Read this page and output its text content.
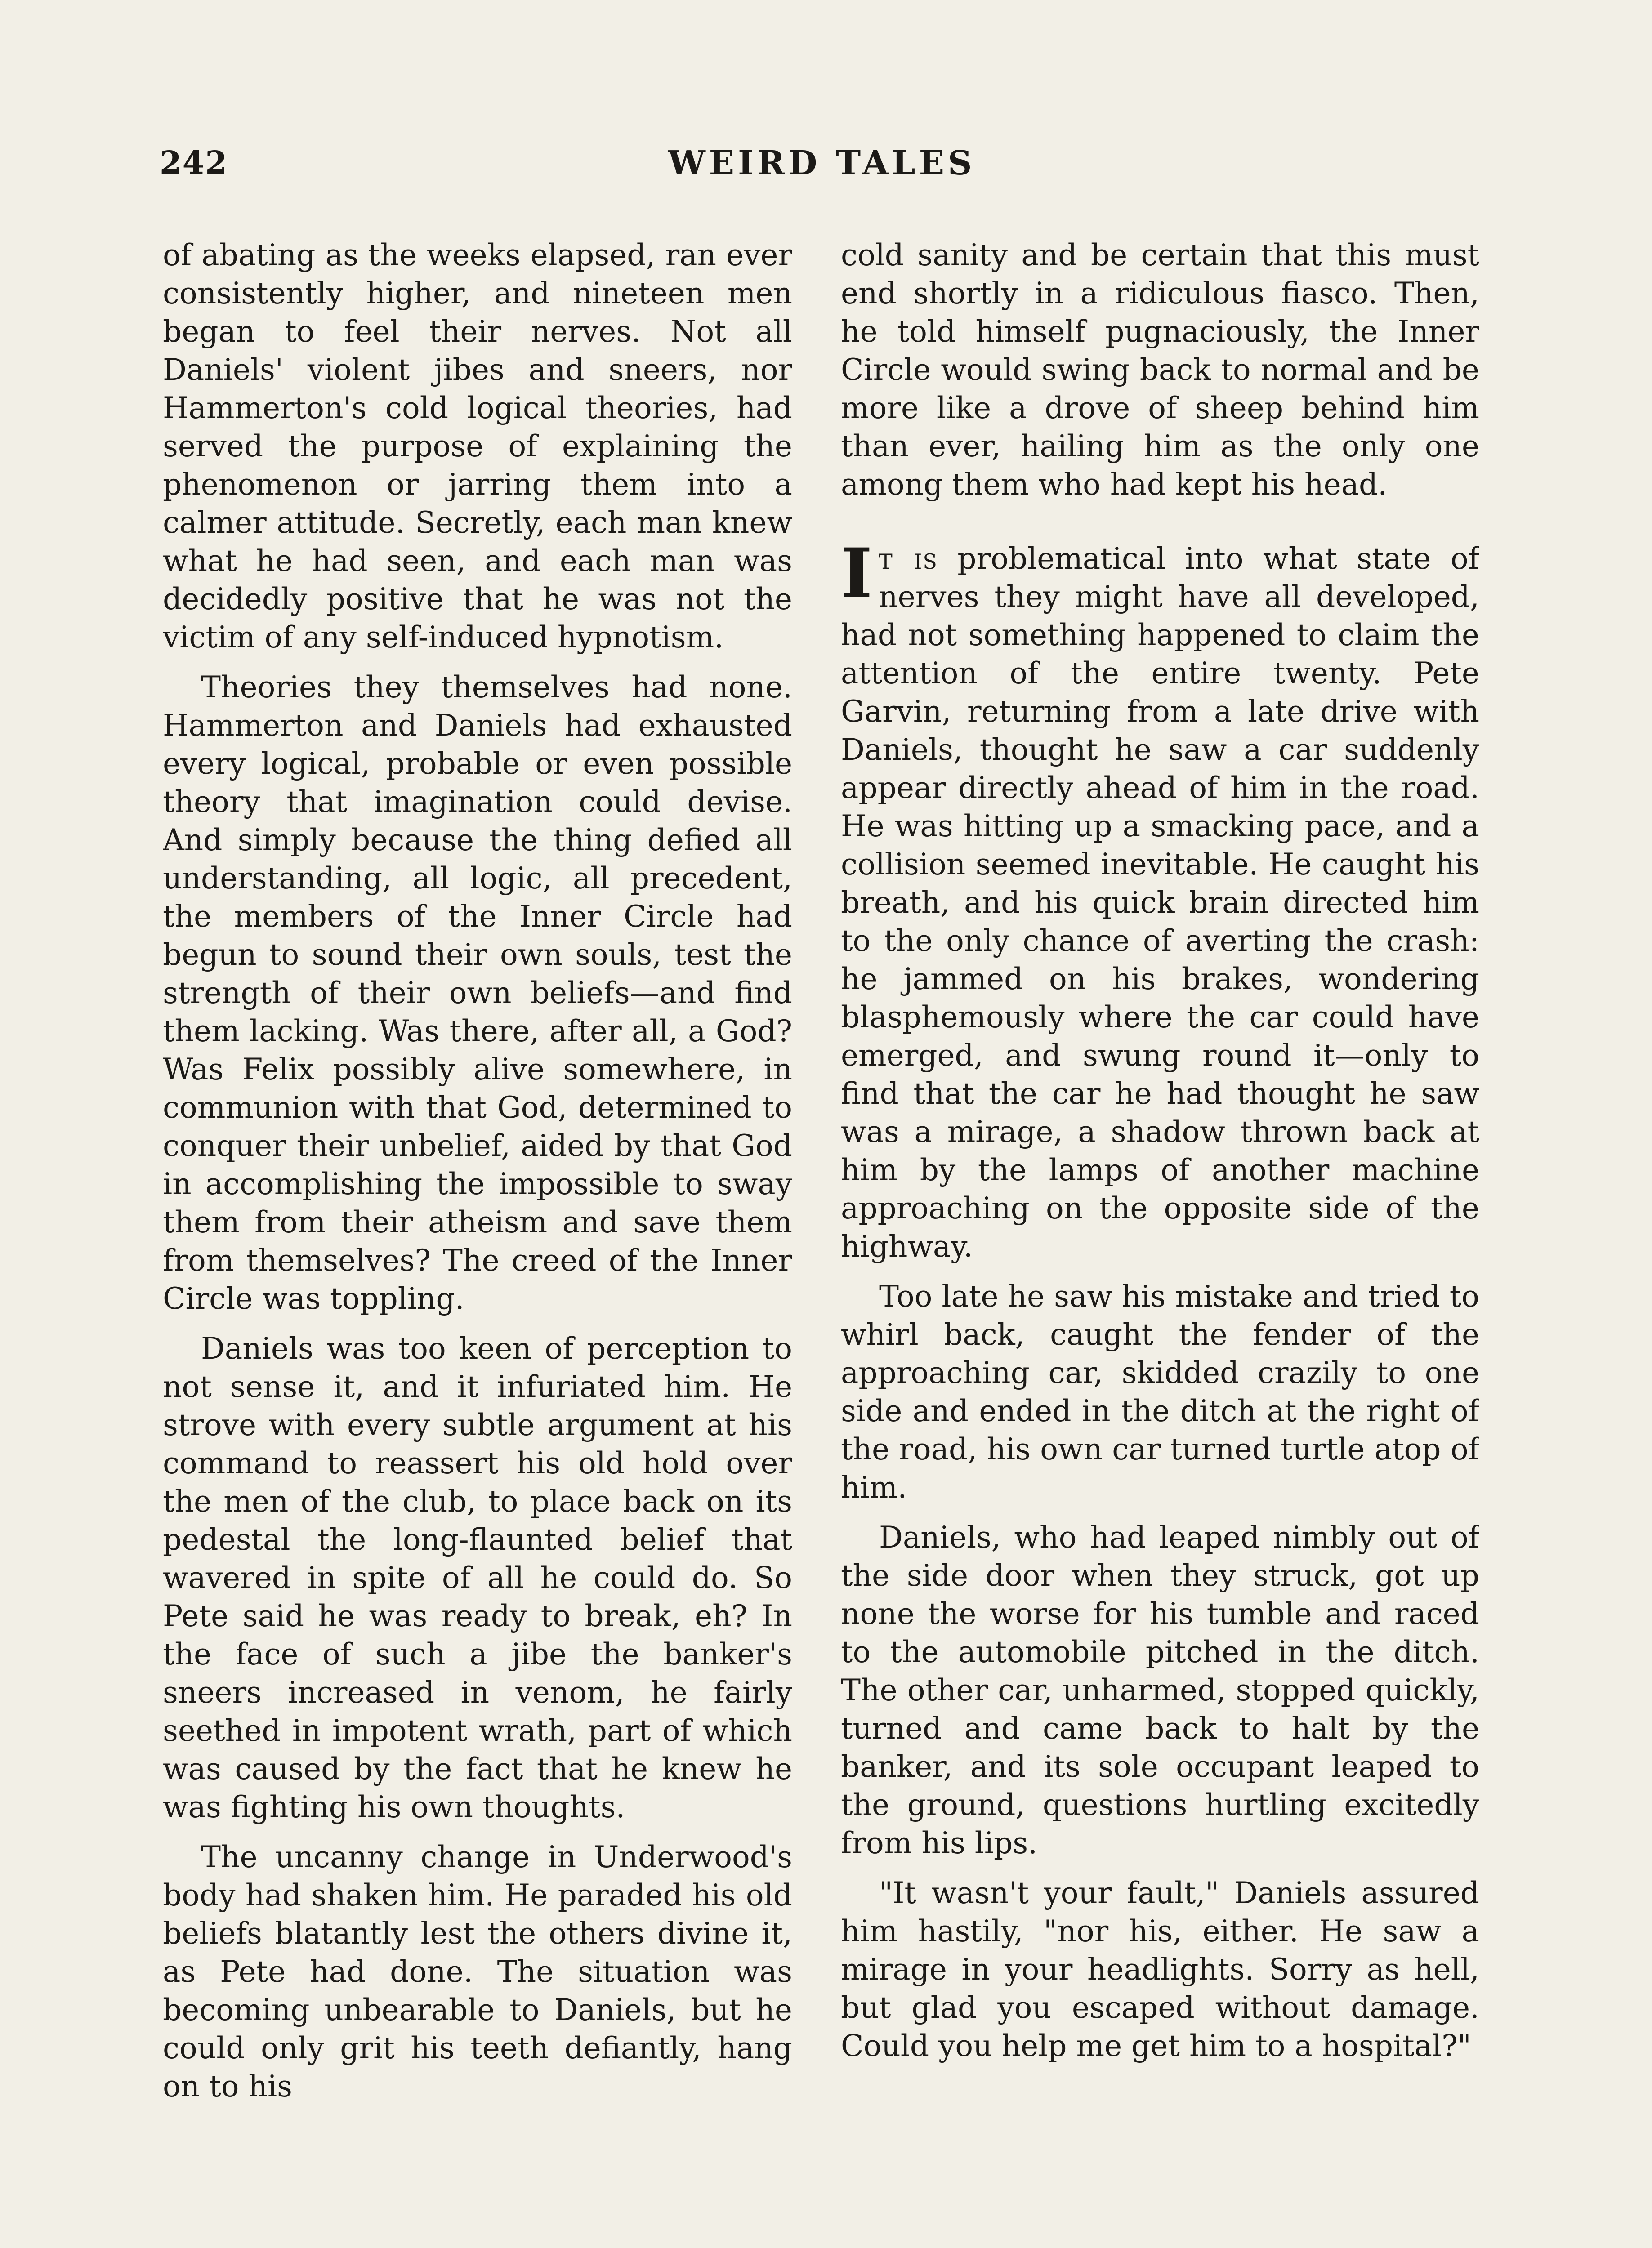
242	WEIRD TALES

of abating as the weeks elapsed, ran ever consistently higher, and nineteen men began to feel their nerves. Not all Daniels' violent jibes and sneers, nor Hammerton's cold logical theories, had served the purpose of explaining the phenomenon or jarring them into a calmer attitude. Secretly, each man knew what he had seen, and each man was decidedly positive that he was not the victim of any self-induced hypnotism.

Theories they themselves had none. Hammerton and Daniels had exhausted every logical, probable or even possible theory that imagination could devise. And simply because the thing defied all understanding, all logic, all precedent, the members of the Inner Circle had begun to sound their own souls, test the strength of their own beliefs—and find them lacking. Was there, after all, a God? Was Felix possibly alive somewhere, in communion with that God, determined to conquer their unbelief, aided by that God in accomplishing the impossible to sway them from their atheism and save them from themselves? The creed of the Inner Circle was toppling.

Daniels was too keen of perception to not sense it, and it infuriated him. He strove with every subtle argument at his command to reassert his old hold over the men of the club, to place back on its pedestal the long-flaunted belief that wavered in spite of all he could do. So Pete said he was ready to break, eh? In the face of such a jibe the banker's sneers increased in venom, he fairly seethed in impotent wrath, part of which was caused by the fact that he knew he was fighting his own thoughts.

The uncanny change in Underwood's body had shaken him. He paraded his old beliefs blatantly lest the others divine it, as Pete had done. The situation was becoming unbearable to Daniels, but he could only grit his teeth defiantly, hang on to his

cold sanity and be certain that this must end shortly in a ridiculous fiasco. Then, he told himself pugnaciously, the Inner Circle would swing back to normal and be more like a drove of sheep behind him than ever, hailing him as the only one among them who had kept his head.

It is problematical into what state of nerves they might have all developed, had not something happened to claim the attention of the entire twenty. Pete Garvin, returning from a late drive with Daniels, thought he saw a car suddenly appear directly ahead of him in the road. He was hitting up a smacking pace, and a collision seemed inevitable. He caught his breath, and his quick brain directed him to the only chance of averting the crash: he jammed on his brakes, wondering blasphemously where the car could have emerged, and swung round it—only to find that the car he had thought he saw was a mirage, a shadow thrown back at him by the lamps of another machine approaching on the opposite side of the highway.

Too late he saw his mistake and tried to whirl back, caught the fender of the approaching car, skidded crazily to one side and ended in the ditch at the right of the road, his own car turned turtle atop of him.

Daniels, who had leaped nimbly out of the side door when they struck, got up none the worse for his tumble and raced to the automobile pitched in the ditch. The other car, unharmed, stopped quickly, turned and came back to halt by the banker, and its sole occupant leaped to the ground, questions hurtling excitedly from his lips.

"It wasn't your fault," Daniels assured him hastily, "nor his, either. He saw a mirage in your headlights. Sorry as hell, but glad you escaped without damage. Could you help me get him to a hospital?"
